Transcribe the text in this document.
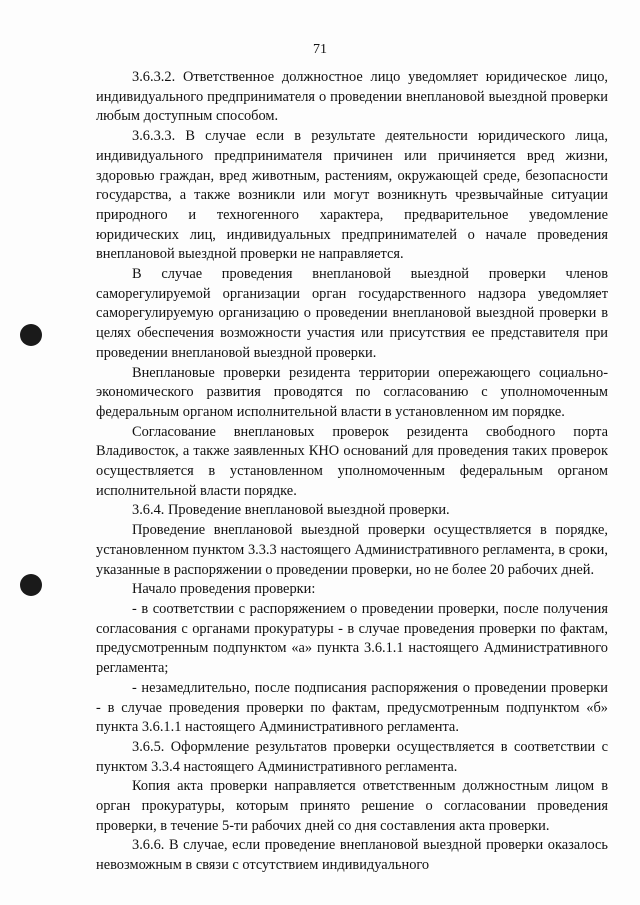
71

3.6.3.2. Ответственное должностное лицо уведомляет юридическое лицо, индивидуального предпринимателя о проведении внеплановой выездной проверки любым доступным способом.

3.6.3.3. В случае если в результате деятельности юридического лица, индивидуального предпринимателя причинен или причиняется вред жизни, здоровью граждан, вред животным, растениям, окружающей среде, безопасности государства, а также возникли или могут возникнуть чрезвычайные ситуации природного и техногенного характера, предварительное уведомление юридических лиц, индивидуальных предпринимателей о начале проведения внеплановой выездной проверки не направляется.

В случае проведения внеплановой выездной проверки членов саморегулируемой организации орган государственного надзора уведомляет саморегулируемую организацию о проведении внеплановой выездной проверки в целях обеспечения возможности участия или присутствия ее представителя при проведении внеплановой выездной проверки.

Внеплановые проверки резидента территории опережающего социально-экономического развития проводятся по согласованию с уполномоченным федеральным органом исполнительной власти в установленном им порядке.

Согласование внеплановых проверок резидента свободного порта Владивосток, а также заявленных КНО оснований для проведения таких проверок осуществляется в установленном уполномоченным федеральным органом исполнительной власти порядке.

3.6.4. Проведение внеплановой выездной проверки.

Проведение внеплановой выездной проверки осуществляется в порядке, установленном пунктом 3.3.3 настоящего Административного регламента, в сроки, указанные в распоряжении о проведении проверки, но не более 20 рабочих дней.

Начало проведения проверки:

- в соответствии с распоряжением о проведении проверки, после получения согласования с органами прокуратуры - в случае проведения проверки по фактам, предусмотренным подпунктом «а» пункта 3.6.1.1 настоящего Административного регламента;

- незамедлительно, после подписания распоряжения о проведении проверки - в случае проведения проверки по фактам, предусмотренным подпунктом «б» пункта 3.6.1.1 настоящего Административного регламента.

3.6.5. Оформление результатов проверки осуществляется в соответствии с пунктом 3.3.4 настоящего Административного регламента.

Копия акта проверки направляется ответственным должностным лицом в орган прокуратуры, которым принято решение о согласовании проведения проверки, в течение 5-ти рабочих дней со дня составления акта проверки.

3.6.6. В случае, если проведение внеплановой выездной проверки оказалось невозможным в связи с отсутствием индивидуального
